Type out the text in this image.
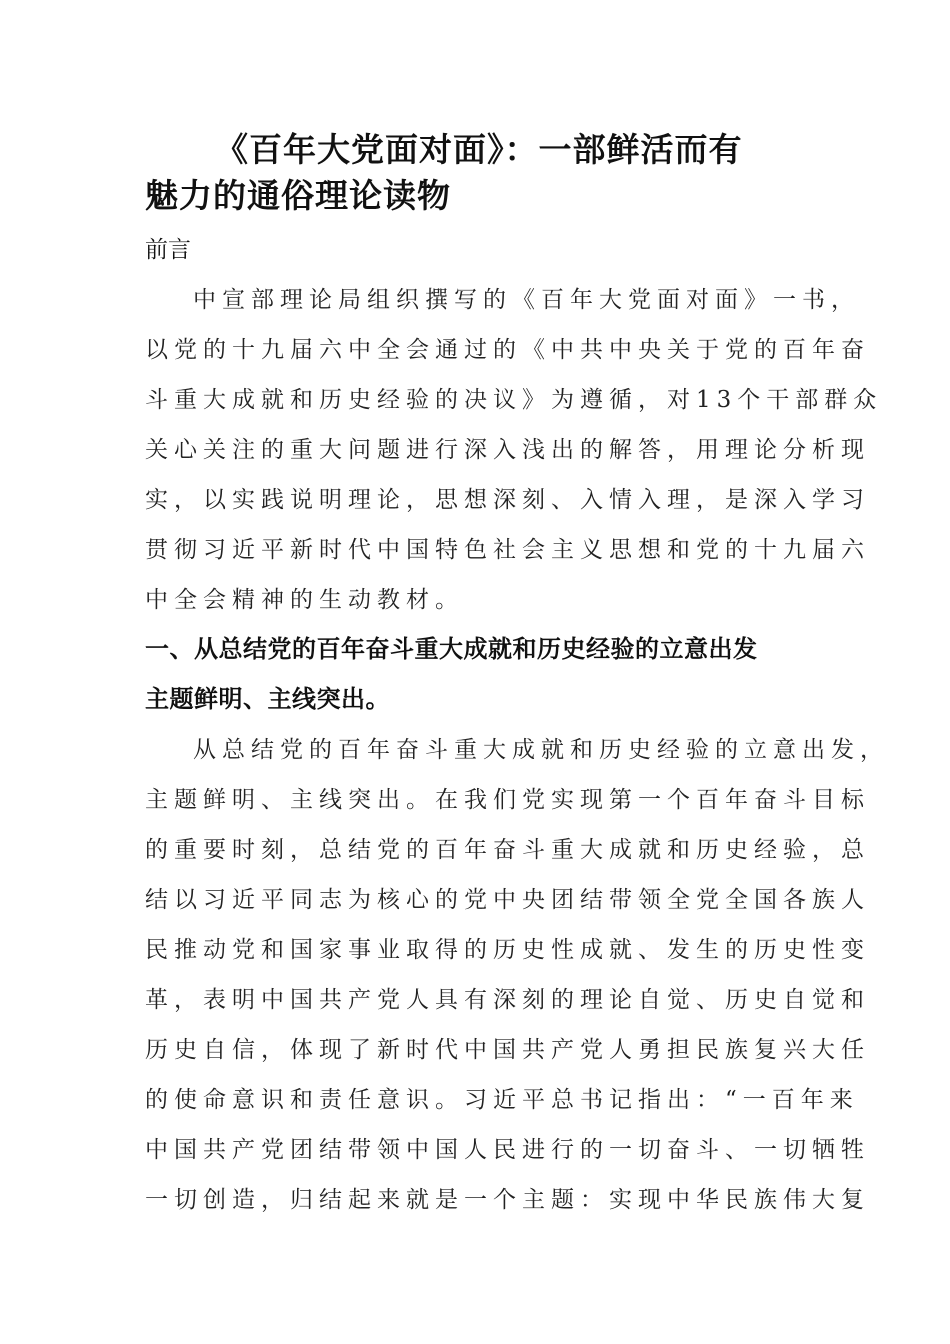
《百年大党面对面》：一部鲜活而有
魅力的通俗理论读物
前言

中宣部理论局组织撰写的《百年大党面对面》一书，

以党的十九届六中全会通过的《中共中央关于党的百年奋

斗重大成就和历史经验的决议》为遵循，对13个干部群众

关心关注的重大问题进行深入浅出的解答，用理论分析现

实，以实践说明理论，思想深刻、入情入理，是深入学习

贯彻习近平新时代中国特色社会主义思想和党的十九届六

中全会精神的生动教材。

一、从总结党的百年奋斗重大成就和历史经验的立意出发
主题鲜明、主线突出。

从总结党的百年奋斗重大成就和历史经验的立意出发，

主题鲜明、主线突出。在我们党实现第一个百年奋斗目标

的重要时刻，总结党的百年奋斗重大成就和历史经验，总

结以习近平同志为核心的党中央团结带领全党全国各族人

民推动党和国家事业取得的历史性成就、发生的历史性变

革，表明中国共产党人具有深刻的理论自觉、历史自觉和

历史自信，体现了新时代中国共产党人勇担民族复兴大任

的使命意识和责任意识。习近平总书记指出：“一百年来

中国共产党团结带领中国人民进行的一切奋斗、一切牺牲

一切创造，归结起来就是一个主题：实现中华民族伟大复
